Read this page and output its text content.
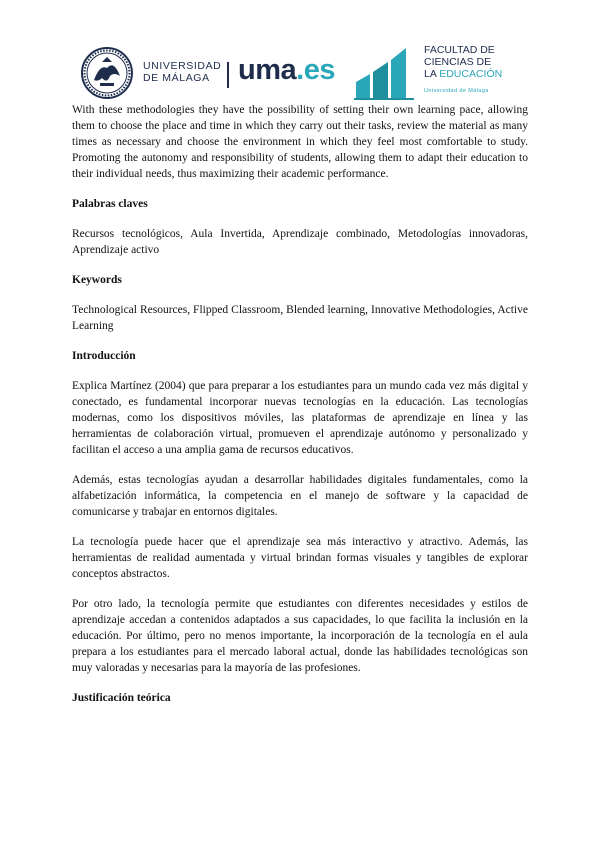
UNIVERSIDAD
DE MÁLAGA uma.es
FACULTAD DE
CIENCIAS DE
LA EDUCACIÓN
Universidad de Málaga

With these methodologies they have the possibility of setting their own learning pace, allowing them to choose the place and time in which they carry out their tasks, review the material as many times as necessary and choose the environment in which they feel most comfortable to study. Promoting the autonomy and responsibility of students, allowing them to adapt their education to their individual needs, thus maximizing their academic performance.

Palabras claves

Recursos tecnológicos, Aula Invertida, Aprendizaje combinado, Metodologías innovadoras, Aprendizaje activo

Keywords

Technological Resources, Flipped Classroom, Blended learning, Innovative Methodologies, Active Learning

Introducción

Explica Martínez (2004) que para preparar a los estudiantes para un mundo cada vez más digital y conectado, es fundamental incorporar nuevas tecnologías en la educación. Las tecnologías modernas, como los dispositivos móviles, las plataformas de aprendizaje en línea y las herramientas de colaboración virtual, promueven el aprendizaje autónomo y personalizado y facilitan el acceso a una amplia gama de recursos educativos.

Además, estas tecnologías ayudan a desarrollar habilidades digitales fundamentales, como la alfabetización informática, la competencia en el manejo de software y la capacidad de comunicarse y trabajar en entornos digitales.

La tecnología puede hacer que el aprendizaje sea más interactivo y atractivo. Además, las herramientas de realidad aumentada y virtual brindan formas visuales y tangibles de explorar conceptos abstractos.

Por otro lado, la tecnología permite que estudiantes con diferentes necesidades y estilos de aprendizaje accedan a contenidos adaptados a sus capacidades, lo que facilita la inclusión en la educación. Por último, pero no menos importante, la incorporación de la tecnología en el aula prepara a los estudiantes para el mercado laboral actual, donde las habilidades tecnológicas son muy valoradas y necesarias para la mayoría de las profesiones.

Justificación teórica
